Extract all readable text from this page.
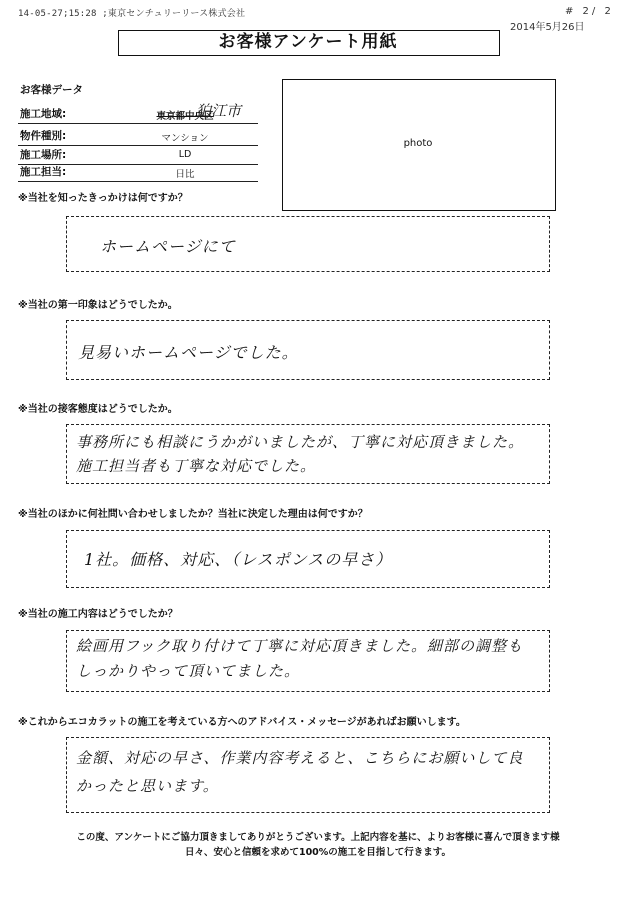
14-05-27;15:28 ;東京センチュリーリース株式会社	# 2/ 2
2014年5月26日
お客様アンケート用紙
お客様データ
施工地域:	東京都中央区
狛江市
物件種別:	マンション
施工場所:	LD
施工担当:	日比
photo
※当社を知ったきっかけは何ですか？
ホームページにて
※当社の第一印象はどうでしたか。
見易いホームページでした。
※当社の接客態度はどうでしたか。
事務所にも相談にうかがいましたが、丁寧に対応頂きました。施工担当者も丁寧な対応でした。
※当社のほかに何社問い合わせしましたか？当社に決定した理由は何ですか？
1社。価格、対応、（レスポンスの早さ）
※当社の施工内容はどうでしたか？
絵画用フック取り付けて丁寧に対応頂きました。細部の調整もしっかりやって頂いてました。
※これからエコカラットの施工を考えている方へのアドバイス・メッセージがあればお願いします。
金額、対応の早さ、作業内容考えると、こちらにお願いして良かったと思います。
この度、アンケートにご協力頂きましてありがとうございます。上記内容を基に、よりお客様に喜んで頂きます様
日々、安心と信頼を求めて100%の施工を目指して行きます。
